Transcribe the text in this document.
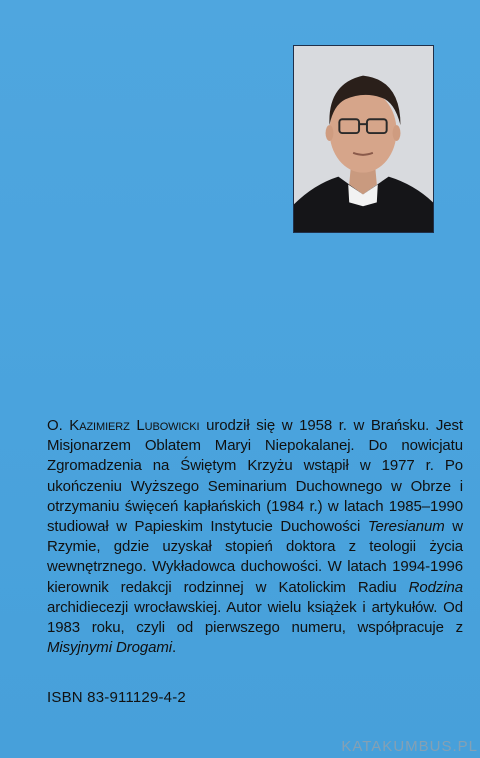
O. Kazimierz Lubowicki urodził się w 1958 r. w Brańsku. Jest Misjonarzem Oblatem Maryi Niepokalanej. Do nowicjatu Zgromadzenia na Świętym Krzyżu wstąpił w 1977 r. Po ukończeniu Wyższego Seminarium Duchownego w Obrze i otrzymaniu święceń kapłańskich (1984 r.) w latach 1985–1990 studiował w Papieskim Instytucie Duchowości Teresianum w Rzymie, gdzie uzyskał stopień doktora z teologii życia wewnętrznego. Wykładowca duchowości. W latach 1994-1996 kierownik redakcji rodzinnej w Katolickim Radiu Rodzina archidiecezji wrocławskiej. Autor wielu książek i artykułów. Od 1983 roku, czyli od pierwszego numeru, współpracuje z Misyjnymi Drogami.
ISBN 83-911129-4-2
KATAKUMBUS.PL
